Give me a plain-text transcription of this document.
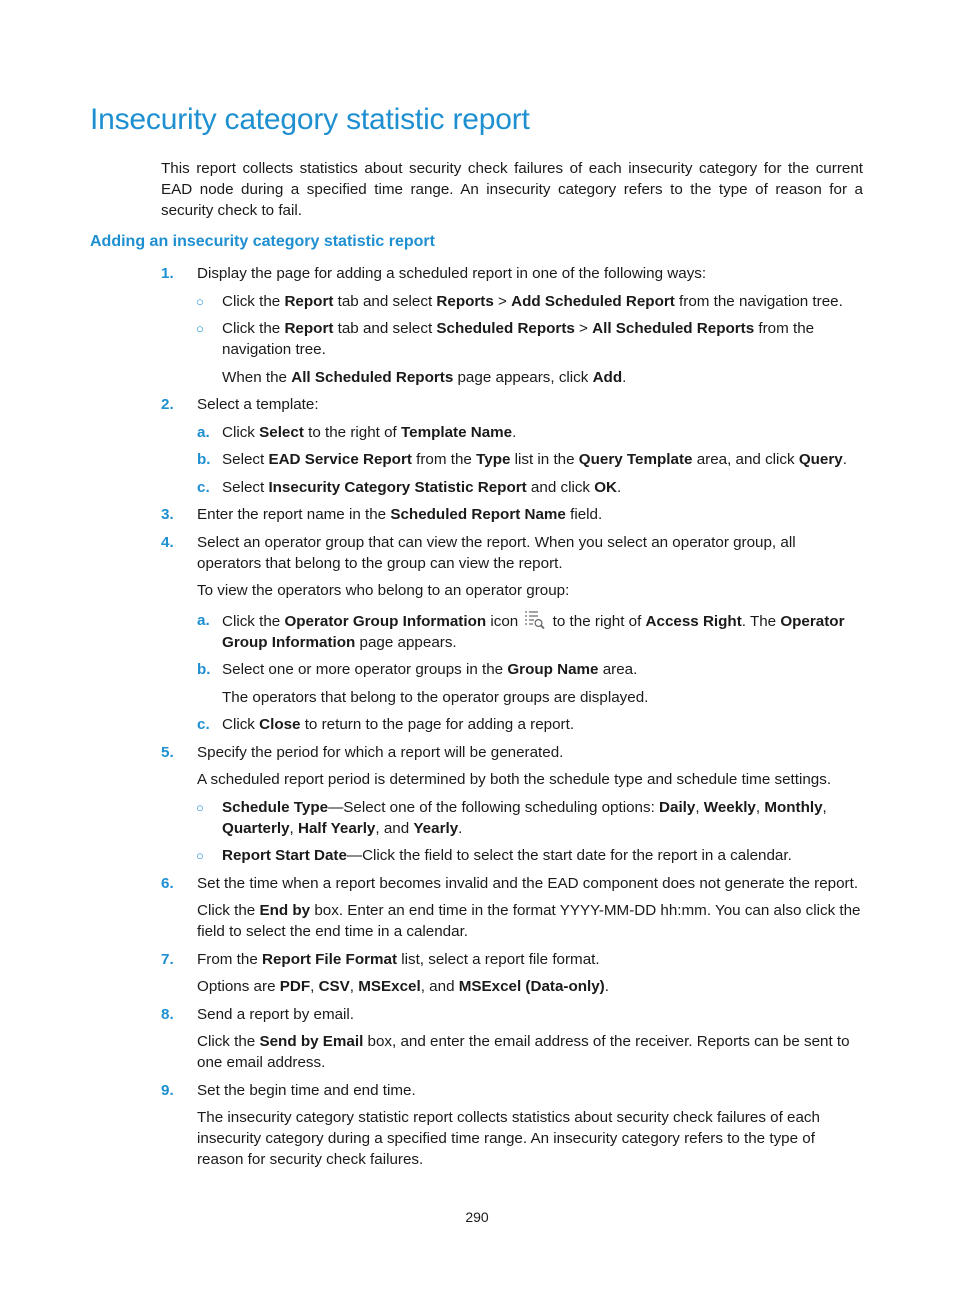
Insecurity category statistic report

This report collects statistics about security check failures of each insecurity category for the current EAD node during a specified time range. An insecurity category refers to the type of reason for a security check to fail.

Adding an insecurity category statistic report

1. Display the page for adding a scheduled report in one of the following ways:

○ Click the Report tab and select Reports > Add Scheduled Report from the navigation tree.

○ Click the Report tab and select Scheduled Reports > All Scheduled Reports from the navigation tree.

When the All Scheduled Reports page appears, click Add.

2. Select a template:

a. Click Select to the right of Template Name.

b. Select EAD Service Report from the Type list in the Query Template area, and click Query.

c. Select Insecurity Category Statistic Report and click OK.

3. Enter the report name in the Scheduled Report Name field.

4. Select an operator group that can view the report. When you select an operator group, all operators that belong to the group can view the report.

To view the operators who belong to an operator group:

a. Click the Operator Group Information icon  to the right of Access Right. The Operator Group Information page appears.

b. Select one or more operator groups in the Group Name area.

The operators that belong to the operator groups are displayed.

c. Click Close to return to the page for adding a report.

5. Specify the period for which a report will be generated.

A scheduled report period is determined by both the schedule type and schedule time settings.

○ Schedule Type—Select one of the following scheduling options: Daily, Weekly, Monthly, Quarterly, Half Yearly, and Yearly.

○ Report Start Date—Click the field to select the start date for the report in a calendar.

6. Set the time when a report becomes invalid and the EAD component does not generate the report.

Click the End by box. Enter an end time in the format YYYY-MM-DD hh:mm. You can also click the field to select the end time in a calendar.

7. From the Report File Format list, select a report file format.

Options are PDF, CSV, MSExcel, and MSExcel (Data-only).

8. Send a report by email.

Click the Send by Email box, and enter the email address of the receiver. Reports can be sent to one email address.

9. Set the begin time and end time.

The insecurity category statistic report collects statistics about security check failures of each insecurity category during a specified time range. An insecurity category refers to the type of reason for security check failures.

290
